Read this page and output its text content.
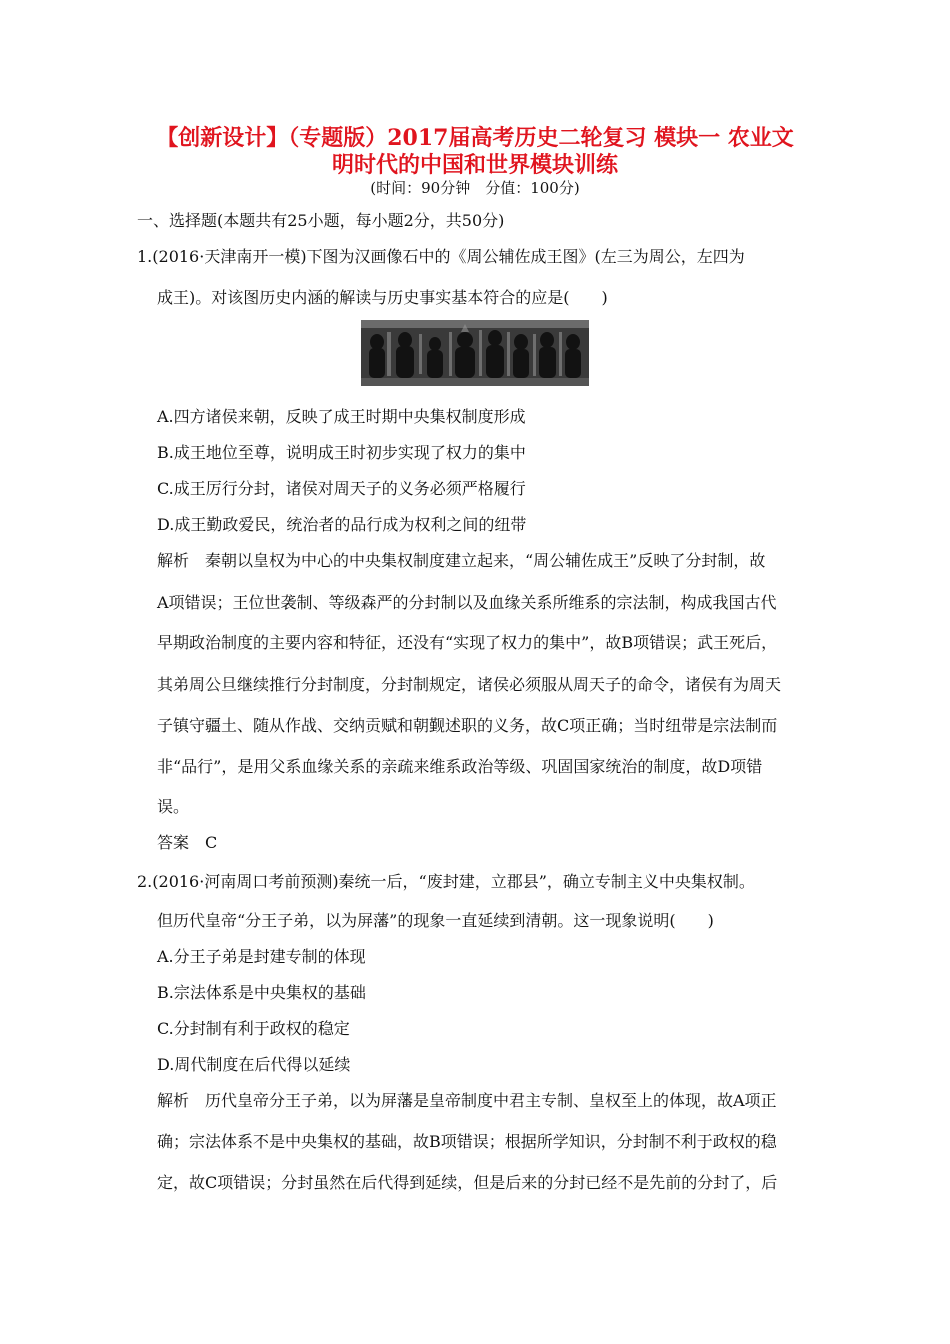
【创新设计】（专题版）2017届高考历史二轮复习 模块一 农业文
明时代的中国和世界模块训练
(时间：90分钟　分值：100分)
一、选择题(本题共有25小题，每小题2分，共50分)
1.(2016·天津南开一模)下图为汉画像石中的《周公辅佐成王图》(左三为周公，左四为
成王)。对该图历史内涵的解读与历史事实基本符合的应是(　　)
A.四方诸侯来朝，反映了成王时期中央集权制度形成
B.成王地位至尊，说明成王时初步实现了权力的集中
C.成王厉行分封，诸侯对周天子的义务必须严格履行
D.成王勤政爱民，统治者的品行成为权利之间的纽带
解析　秦朝以皇权为中心的中央集权制度建立起来，“周公辅佐成王”反映了分封制，故
A项错误；王位世袭制、等级森严的分封制以及血缘关系所维系的宗法制，构成我国古代
早期政治制度的主要内容和特征，还没有“实现了权力的集中”，故B项错误；武王死后，
其弟周公旦继续推行分封制度，分封制规定，诸侯必须服从周天子的命令，诸侯有为周天
子镇守疆土、随从作战、交纳贡赋和朝觐述职的义务，故C项正确；当时纽带是宗法制而
非“品行”，是用父系血缘关系的亲疏来维系政治等级、巩固国家统治的制度，故D项错
误。
答案　C
2.(2016·河南周口考前预测)秦统一后，“废封建，立郡县”，确立专制主义中央集权制。
但历代皇帝“分王子弟，以为屏藩”的现象一直延续到清朝。这一现象说明(　　)
A.分王子弟是封建专制的体现
B.宗法体系是中央集权的基础
C.分封制有利于政权的稳定
D.周代制度在后代得以延续
解析　历代皇帝分王子弟，以为屏藩是皇帝制度中君主专制、皇权至上的体现，故A项正
确；宗法体系不是中央集权的基础，故B项错误；根据所学知识，分封制不利于政权的稳
定，故C项错误；分封虽然在后代得到延续，但是后来的分封已经不是先前的分封了，后
